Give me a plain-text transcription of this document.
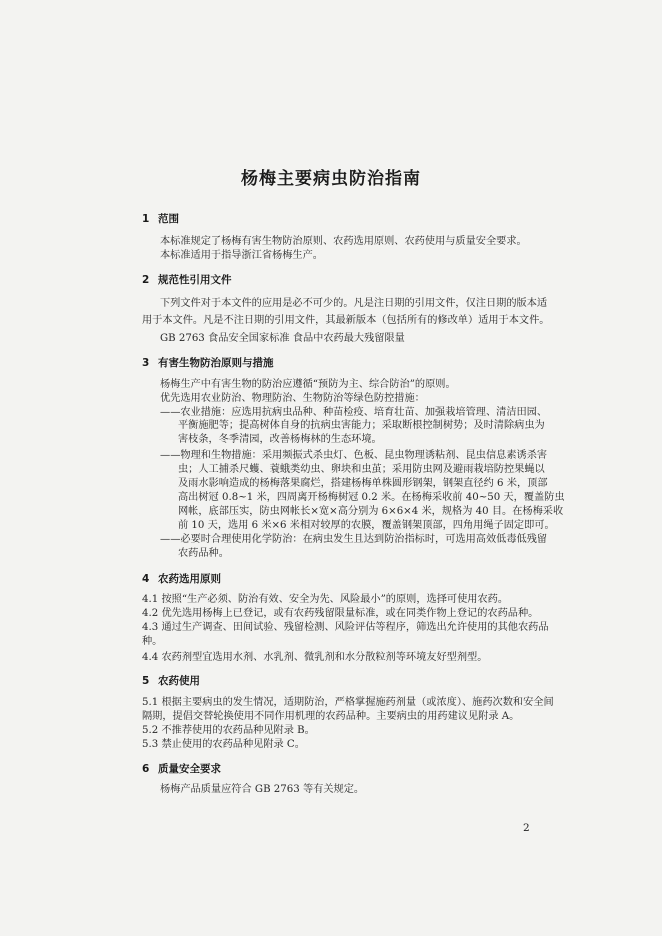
杨梅主要病虫防治指南
1 范围
本标准规定了杨梅有害生物防治原则、农药选用原则、农药使用与质量安全要求。
本标准适用于指导浙江省杨梅生产。
2 规范性引用文件
下列文件对于本文件的应用是必不可少的。凡是注日期的引用文件，仅注日期的版本适
用于本文件。凡是不注日期的引用文件，其最新版本（包括所有的修改单）适用于本文件。
GB 2763 食品安全国家标准 食品中农药最大残留限量
3 有害生物防治原则与措施
杨梅生产中有害生物的防治应遵循“预防为主、综合防治”的原则。
优先选用农业防治、物理防治、生物防治等绿色防控措施：
——农业措施：应选用抗病虫品种、种苗检疫、培育壮苗、加强栽培管理、清洁田园、
平衡施肥等；提高树体自身的抗病虫害能力；采取断根控制树势；及时清除病虫为
害枝条，冬季清园，改善杨梅林的生态环境。
——物理和生物措施：采用频振式杀虫灯、色板、昆虫物理诱粘剂、昆虫信息素诱杀害
虫；人工捕杀尺蠖、蓑蛾类幼虫、卵块和虫茧；采用防虫网及避雨栽培防控果蝇以
及雨水影响造成的杨梅落果腐烂，搭建杨梅单株圆形钢架，钢架直径约 6 米，顶部
高出树冠 0.8~1 米，四周离开杨梅树冠 0.2 米。在杨梅采收前 40~50 天，覆盖防虫
网帐，底部压实，防虫网帐长×宽×高分别为 6×6×4 米，规格为 40 目。在杨梅采收
前 10 天，选用 6 米×6 米相对较厚的农膜，覆盖钢架顶部，四角用绳子固定即可。
——必要时合理使用化学防治：在病虫发生且达到防治指标时，可选用高效低毒低残留
农药品种。
4 农药选用原则
4.1 按照“生产必须、防治有效、安全为先、风险最小”的原则，选择可使用农药。
4.2 优先选用杨梅上已登记，或有农药残留限量标准，或在同类作物上登记的农药品种。
4.3 通过生产调查、田间试验、残留检测、风险评估等程序，筛选出允许使用的其他农药品
种。
4.4 农药剂型宜选用水剂、水乳剂、微乳剂和水分散粒剂等环境友好型剂型。
5 农药使用
5.1 根据主要病虫的发生情况，适期防治，严格掌握施药剂量（或浓度）、施药次数和安全间
隔期，提倡交替轮换使用不同作用机理的农药品种。主要病虫的用药建议见附录 A。
5.2 不推荐使用的农药品种见附录 B。
5.3 禁止使用的农药品种见附录 C。
6 质量安全要求
杨梅产品质量应符合 GB 2763 等有关规定。
2
